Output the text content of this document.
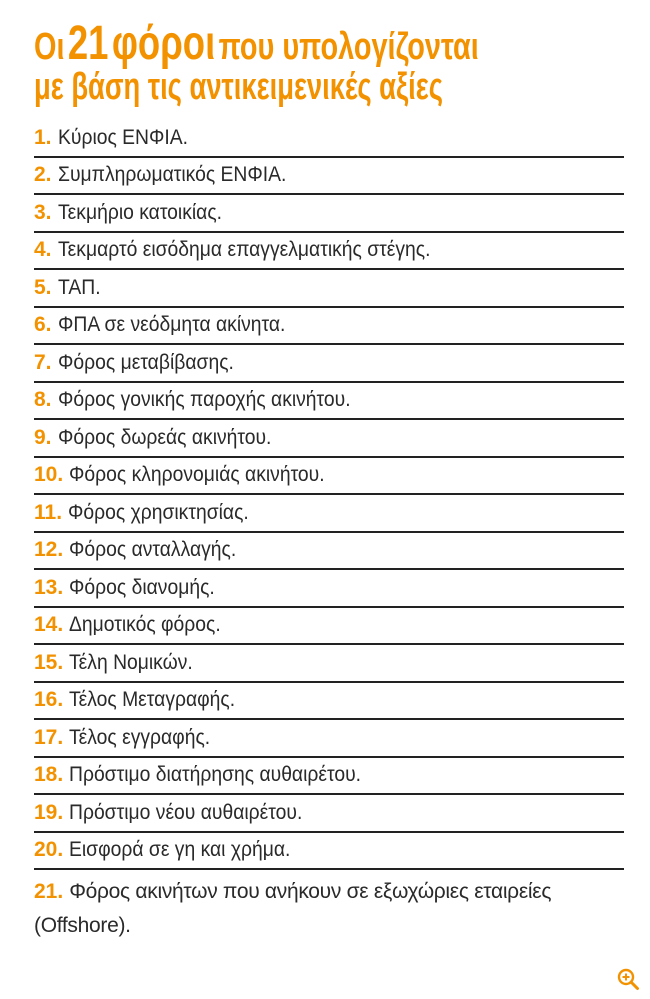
Οι 21 φόροι που υπολογίζονται
με βάση τις αντικειμενικές αξίες
1. Κύριος ΕΝΦΙΑ.
2. Συμπληρωματικός ΕΝΦΙΑ.
3. Τεκμήριο κατοικίας.
4. Τεκμαρτό εισόδημα επαγγελματικής στέγης.
5. ΤΑΠ.
6. ΦΠΑ σε νεόδμητα ακίνητα.
7. Φόρος μεταβίβασης.
8. Φόρος γονικής παροχής ακινήτου.
9. Φόρος δωρεάς ακινήτου.
10. Φόρος κληρονομιάς ακινήτου.
11. Φόρος χρησικτησίας.
12. Φόρος ανταλλαγής.
13. Φόρος διανομής.
14. Δημοτικός φόρος.
15. Τέλη Νομικών.
16. Τέλος Μεταγραφής.
17. Τέλος εγγραφής.
18. Πρόστιμο διατήρησης αυθαιρέτου.
19. Πρόστιμο νέου αυθαιρέτου.
20. Εισφορά σε γη και χρήμα.
21. Φόρος ακινήτων που ανήκουν σε εξωχώριες εταιρείες (Offshore).
